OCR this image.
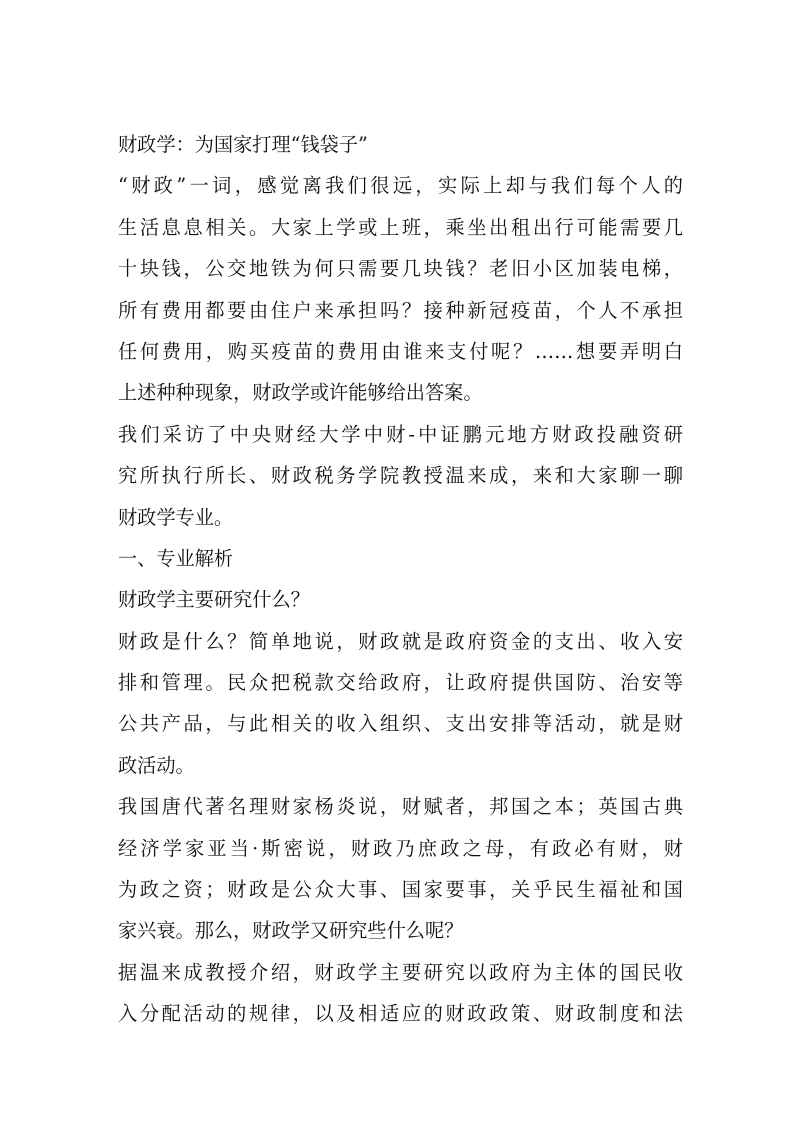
财政学：为国家打理“钱袋子”
“财政”一词，感觉离我们很远，实际上却与我们每个人的
生活息息相关。大家上学或上班，乘坐出租出行可能需要几
十块钱，公交地铁为何只需要几块钱？老旧小区加装电梯，
所有费用都要由住户来承担吗？接种新冠疫苗，个人不承担
任何费用，购买疫苗的费用由谁来支付呢？……想要弄明白
上述种种现象，财政学或许能够给出答案。
我们采访了中央财经大学中财-中证鹏元地方财政投融资研
究所执行所长、财政税务学院教授温来成，来和大家聊一聊
财政学专业。
一、专业解析
财政学主要研究什么？
财政是什么？简单地说，财政就是政府资金的支出、收入安
排和管理。民众把税款交给政府，让政府提供国防、治安等
公共产品，与此相关的收入组织、支出安排等活动，就是财
政活动。
我国唐代著名理财家杨炎说，财赋者，邦国之本；英国古典
经济学家亚当·斯密说，财政乃庶政之母，有政必有财，财
为政之资；财政是公众大事、国家要事，关乎民生福祉和国
家兴衰。那么，财政学又研究些什么呢？
据温来成教授介绍，财政学主要研究以政府为主体的国民收
入分配活动的规律，以及相适应的财政政策、财政制度和法
